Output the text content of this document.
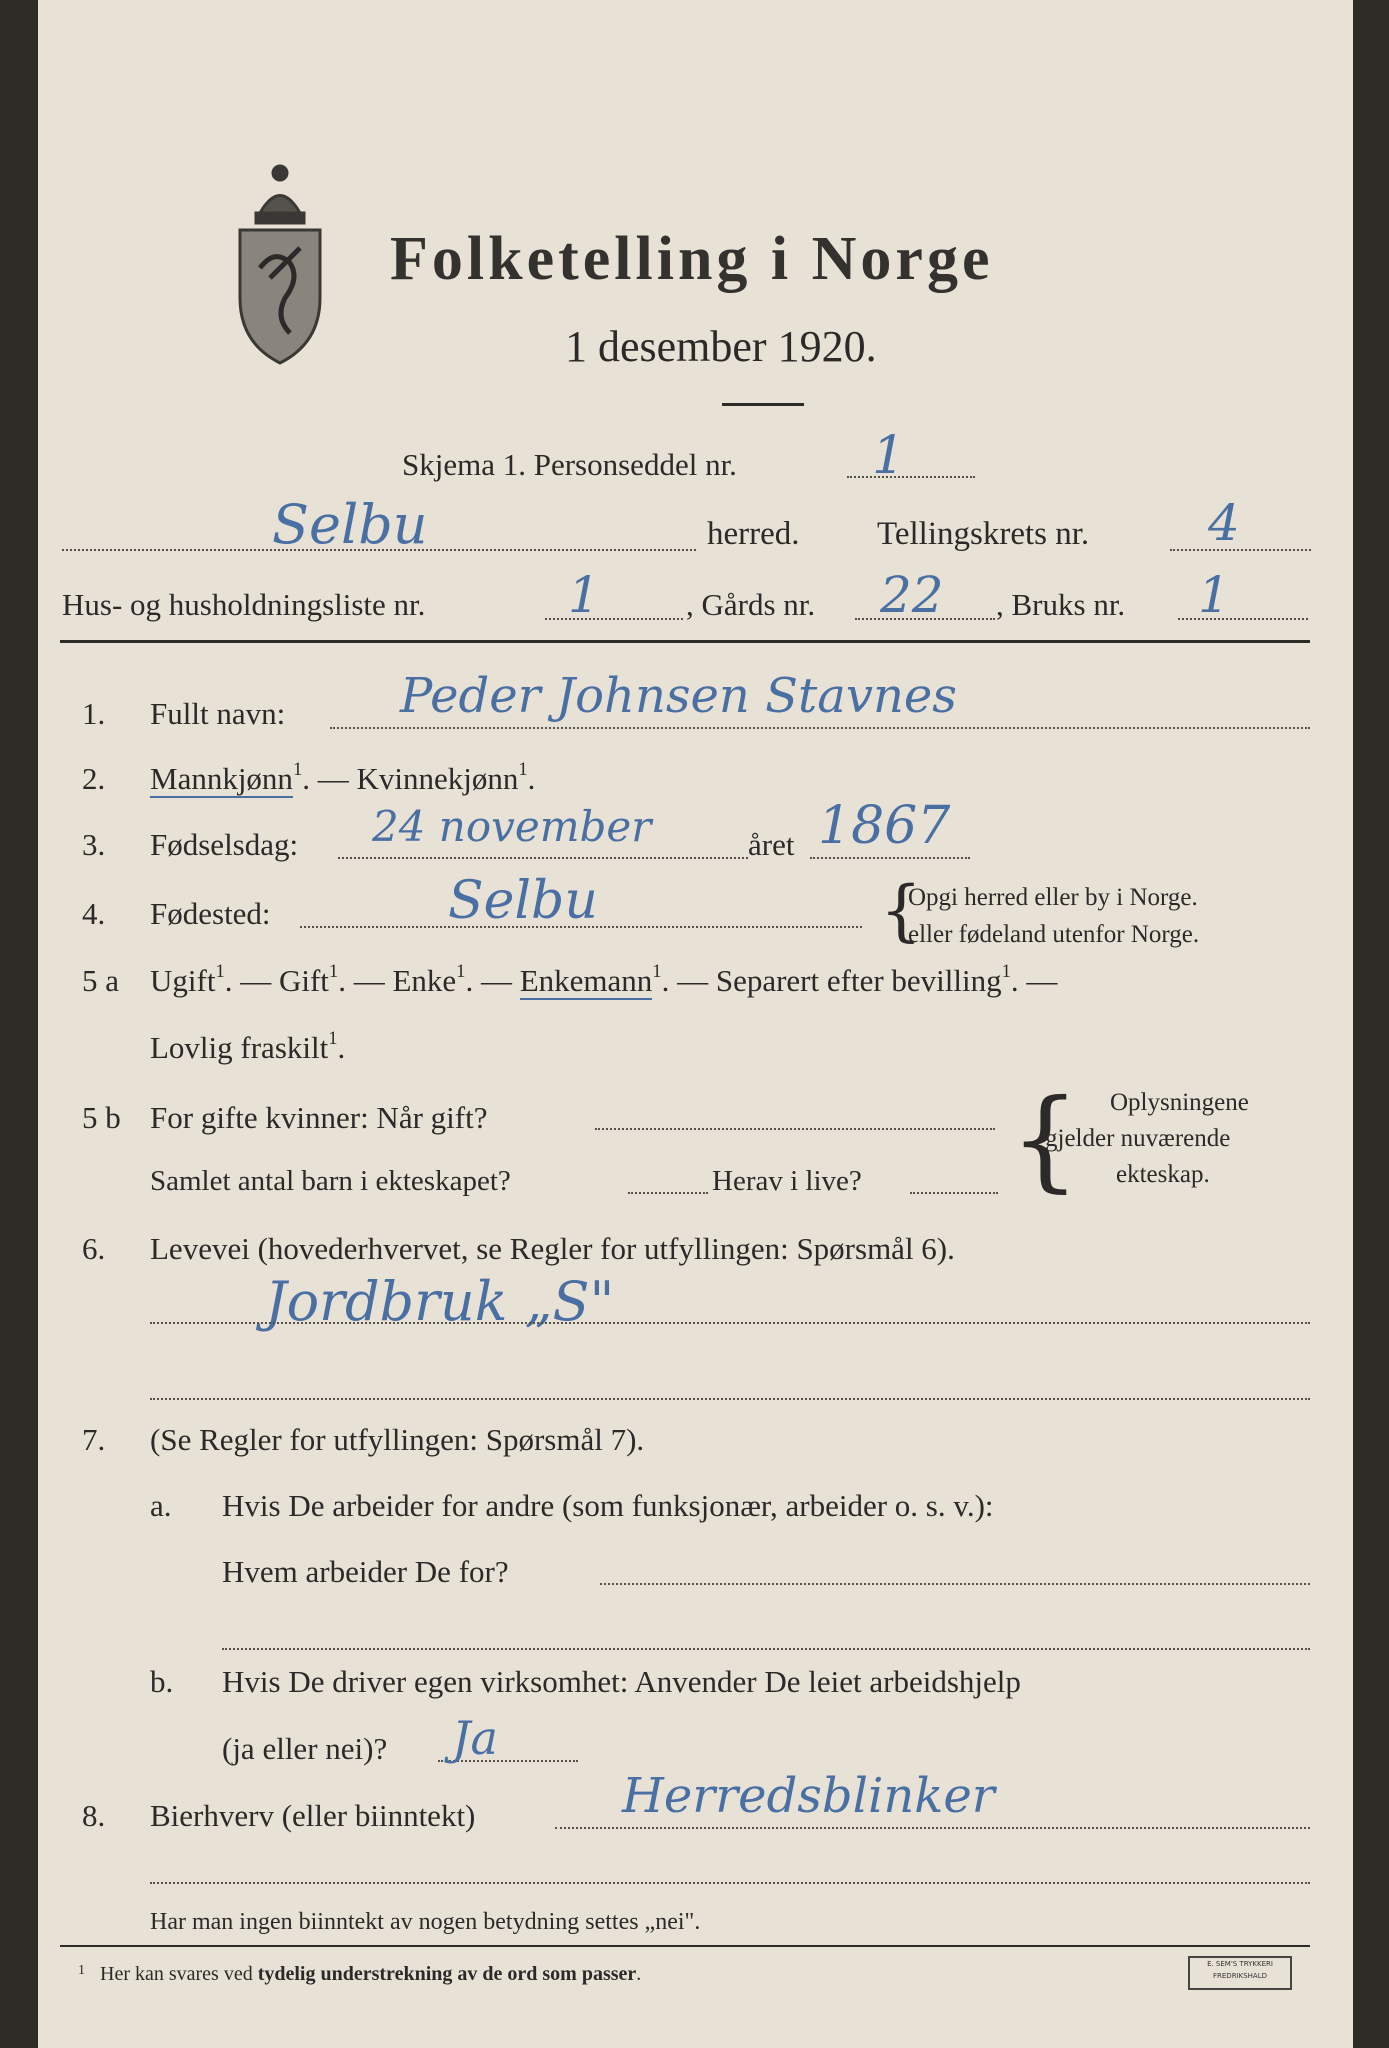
Folketelling i Norge
1 desember 1920.
Skjema 1. Personseddel nr.	1
Selbu	herred. Tellingskrets nr. 4
Hus- og husholdningsliste nr.	1	, Gårds nr. 22 , Bruks nr. 1
1.	Fullt navn: Peder Johnsen Stavnes
2.	Mannkjønn$^1$. — Kvinnekjønn$^1$.
3.	Fødselsdag: 24 november	året 1867
4.	Fødested:	Selbu	{
Opgi herred eller by i Norge.
eller fødeland utenfor Norge.
5 a Ugift$^1$. — Gift$^1$. — Enke$^1$. — Enkemann$^1$. — Separert efter bevilling$^1$. —
Lovlig fraskilt$^1$.
5 b For gifte kvinner: Når gift?
Samlet antal barn i ekteskapet?	Herav i live? { Oplysningene
gjelder nuværende
ekteskap.
6.	Levevei (hovederhvervet, se Regler for utfyllingen: Spørsmål 6).
Jordbruk „S"
7.	(Se Regler for utfyllingen: Spørsmål 7).
a. Hvis De arbeider for andre (som funksjonær, arbeider o. s. v.):
Hvem arbeider De for?
b. Hvis De driver egen virksomhet: Anvender De leiet arbeidshjelp
(ja eller nei)? Ja
8.	Bierhverv (eller biinntekt)	Herredsblinker
Har man ingen biinntekt av nogen betydning settes „nei".
$^1$ Her kan svares ved tydelig understrekning av de ord som passer.	E. SEM'S TRYKKERI
FREDRIKSHALD
